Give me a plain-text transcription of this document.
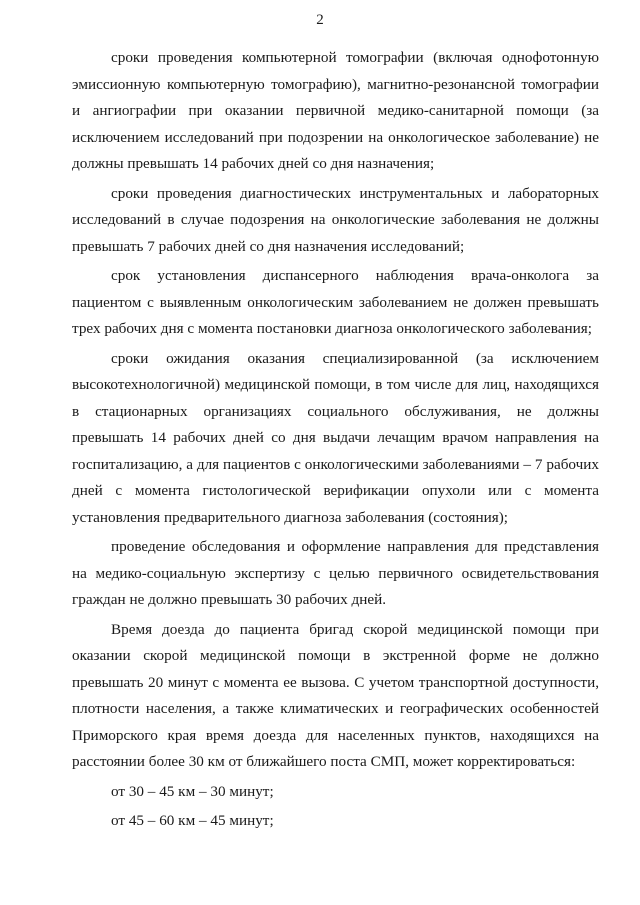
2

сроки проведения компьютерной томографии (включая однофотонную эмиссионную компьютерную томографию), магнитно-резонансной томографии и ангиографии при оказании первичной медико-санитарной помощи (за исключением исследований при подозрении на онкологическое заболевание) не должны превышать 14 рабочих дней со дня назначения;

сроки проведения диагностических инструментальных и лабораторных исследований в случае подозрения на онкологические заболевания не должны превышать 7 рабочих дней со дня назначения исследований;

срок установления диспансерного наблюдения врача-онколога за пациентом с выявленным онкологическим заболеванием не должен превышать трех рабочих дня с момента постановки диагноза онкологического заболевания;

сроки ожидания оказания специализированной (за исключением высокотехнологичной) медицинской помощи, в том числе для лиц, находящихся в стационарных организациях социального обслуживания, не должны превышать 14 рабочих дней со дня выдачи лечащим врачом направления на госпитализацию, а для пациентов с онкологическими заболеваниями – 7 рабочих дней с момента гистологической верификации опухоли или с момента установления предварительного диагноза заболевания (состояния);

проведение обследования и оформление направления для представления на медико-социальную экспертизу с целью первичного освидетельствования граждан не должно превышать 30 рабочих дней.

Время доезда до пациента бригад скорой медицинской помощи при оказании скорой медицинской помощи в экстренной форме не должно превышать 20 минут с момента ее вызова. С учетом транспортной доступности, плотности населения, а также климатических и географических особенностей Приморского края время доезда для населенных пунктов, находящихся на расстоянии более 30 км от ближайшего поста СМП, может корректироваться:

от 30 – 45 км – 30 минут;

от 45 – 60 км – 45 минут;
